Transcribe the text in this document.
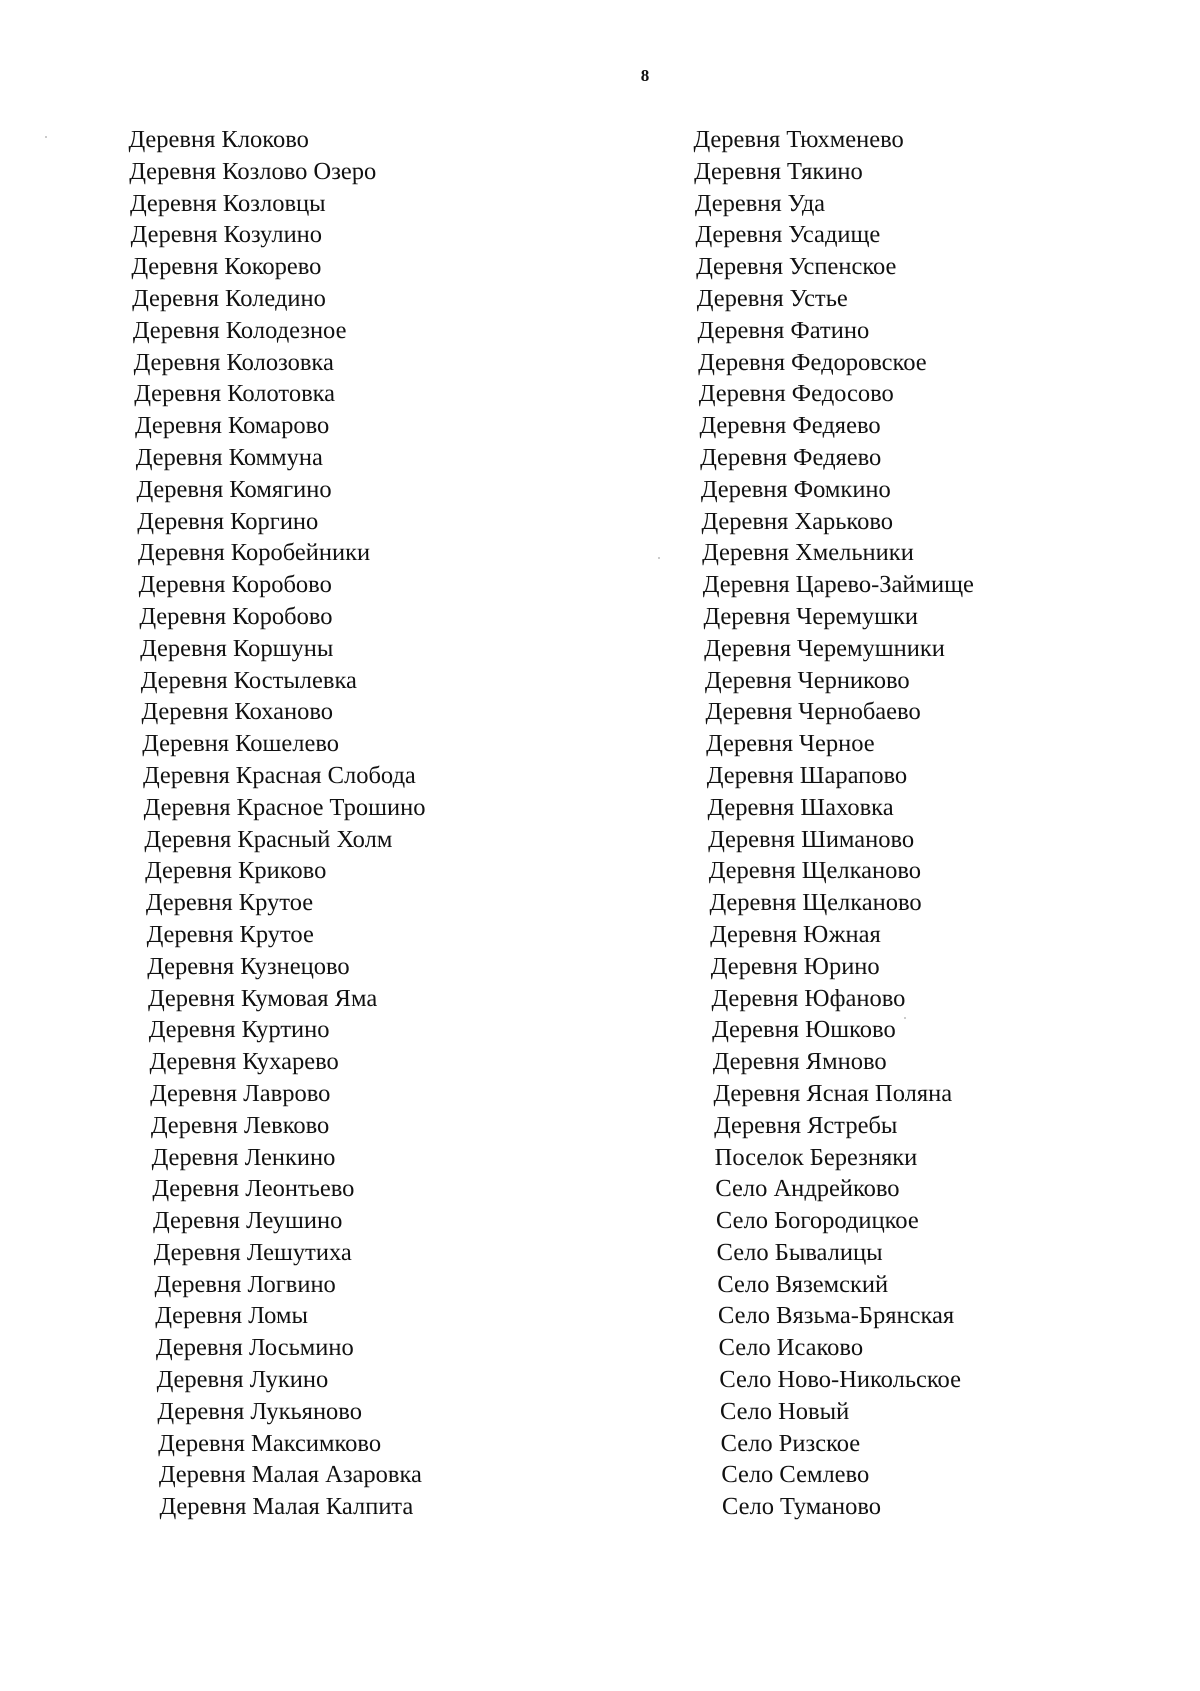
8
Деревня Клоково
Деревня Козлово Озеро
Деревня Козловцы
Деревня Козулино
Деревня Кокорево
Деревня Коледино
Деревня Колодезное
Деревня Колозовка
Деревня Колотовка
Деревня Комарово
Деревня Коммуна
Деревня Комягино
Деревня Коргино
Деревня Коробейники
Деревня Коробово
Деревня Коробово
Деревня Коршуны
Деревня Костылевка
Деревня Коханово
Деревня Кошелево
Деревня Красная Слобода
Деревня Красное Трошино
Деревня Красный Холм
Деревня Криково
Деревня Крутое
Деревня Крутое
Деревня Кузнецово
Деревня Кумовая Яма
Деревня Куртино
Деревня Кухарево
Деревня Лаврово
Деревня Левково
Деревня Ленкино
Деревня Леонтьево
Деревня Леушино
Деревня Лешутиха
Деревня Логвино
Деревня Ломы
Деревня Лосьмино
Деревня Лукино
Деревня Лукьяново
Деревня Максимково
Деревня Малая Азаровка
Деревня Малая Калпита
Деревня Тюхменево
Деревня Тякино
Деревня Уда
Деревня Усадище
Деревня Успенское
Деревня Устье
Деревня Фатино
Деревня Федоровское
Деревня Федосово
Деревня Федяево
Деревня Федяево
Деревня Фомкино
Деревня Харьково
Деревня Хмельники
Деревня Царево-Займище
Деревня Черемушки
Деревня Черемушники
Деревня Черниково
Деревня Чернобаево
Деревня Черное
Деревня Шарапово
Деревня Шаховка
Деревня Шиманово
Деревня Щелканово
Деревня Щелканово
Деревня Южная
Деревня Юрино
Деревня Юфаново
Деревня Юшково
Деревня Ямново
Деревня Ясная Поляна
Деревня Ястребы
Поселок Березняки
Село Андрейково
Село Богородицкое
Село Бывалицы
Село Вяземский
Село Вязьма-Брянская
Село Исаково
Село Ново-Никольское
Село Новый
Село Ризское
Село Семлево
Село Туманово
